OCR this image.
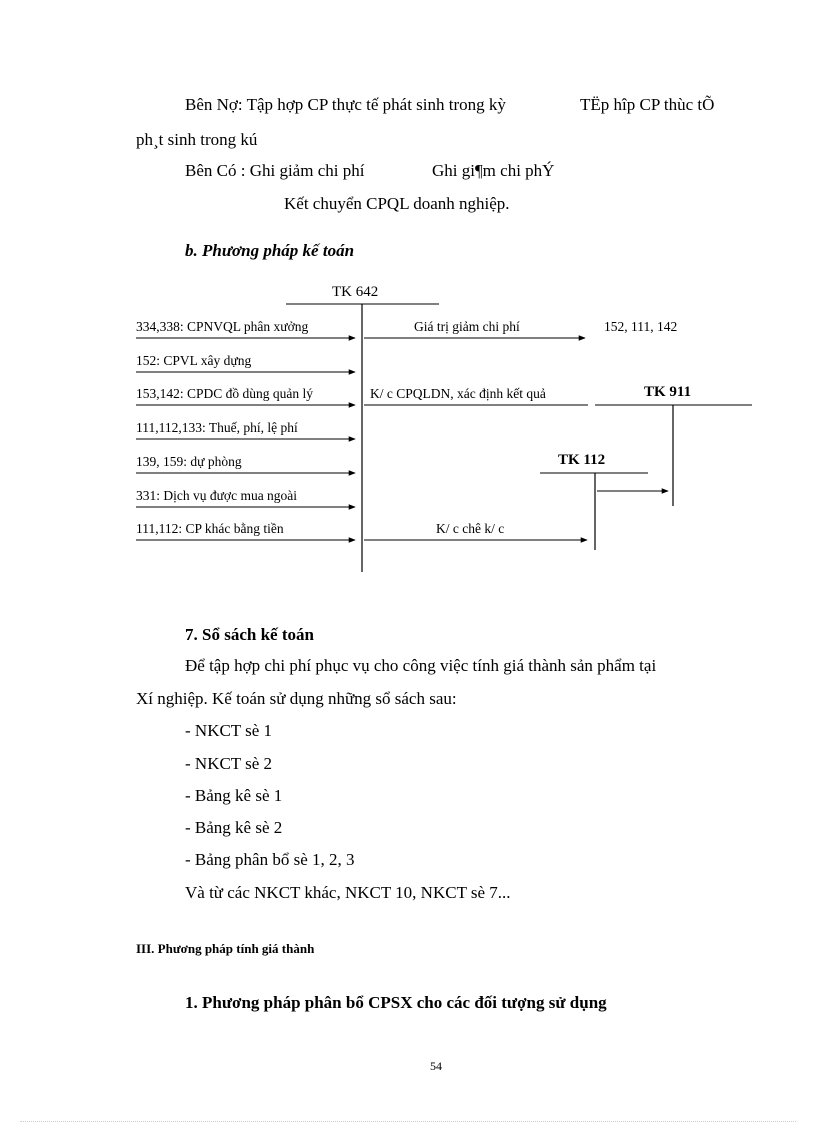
Bên Nợ: Tập hợp CP thực tế phát sinh trong kỳ	TËp hîp CP thùc tÕ

ph¸t sinh trong kú

Bên Có : Ghi giảm chi phí	Ghi gi¶m chi phÝ

Kết chuyển CPQL doanh nghiệp.

b. Phương pháp kế toán

TK 642

TK 911

TK 112

334,338: CPNVQL phân xưởng

152: CPVL xây dựng

153,142: CPDC đồ dùng quản lý

111,112,133: Thuế, phí, lệ phí

139, 159: dự phòng

331: Dịch vụ được mua ngoài

111,112: CP khác bằng tiền

Giá trị giảm chi phí	152, 111, 142

K/ c CPQLDN, xác định kết quả

K/ c chê k/ c

7. Sổ sách kế toán

Để tập hợp chi phí phục vụ cho công việc tính giá thành sản phẩm tại

Xí nghiệp. Kế toán sử dụng những sổ sách sau:

- NKCT sè 1

- NKCT sè 2

- Bảng kê sè 1

- Bảng kê sè 2

- Bảng phân bổ sè 1, 2, 3

Và từ các NKCT khác, NKCT 10, NKCT sè 7...

III. Phương pháp tính giá thành

1. Phương pháp phân bổ CPSX cho các đối tượng sử dụng

54
